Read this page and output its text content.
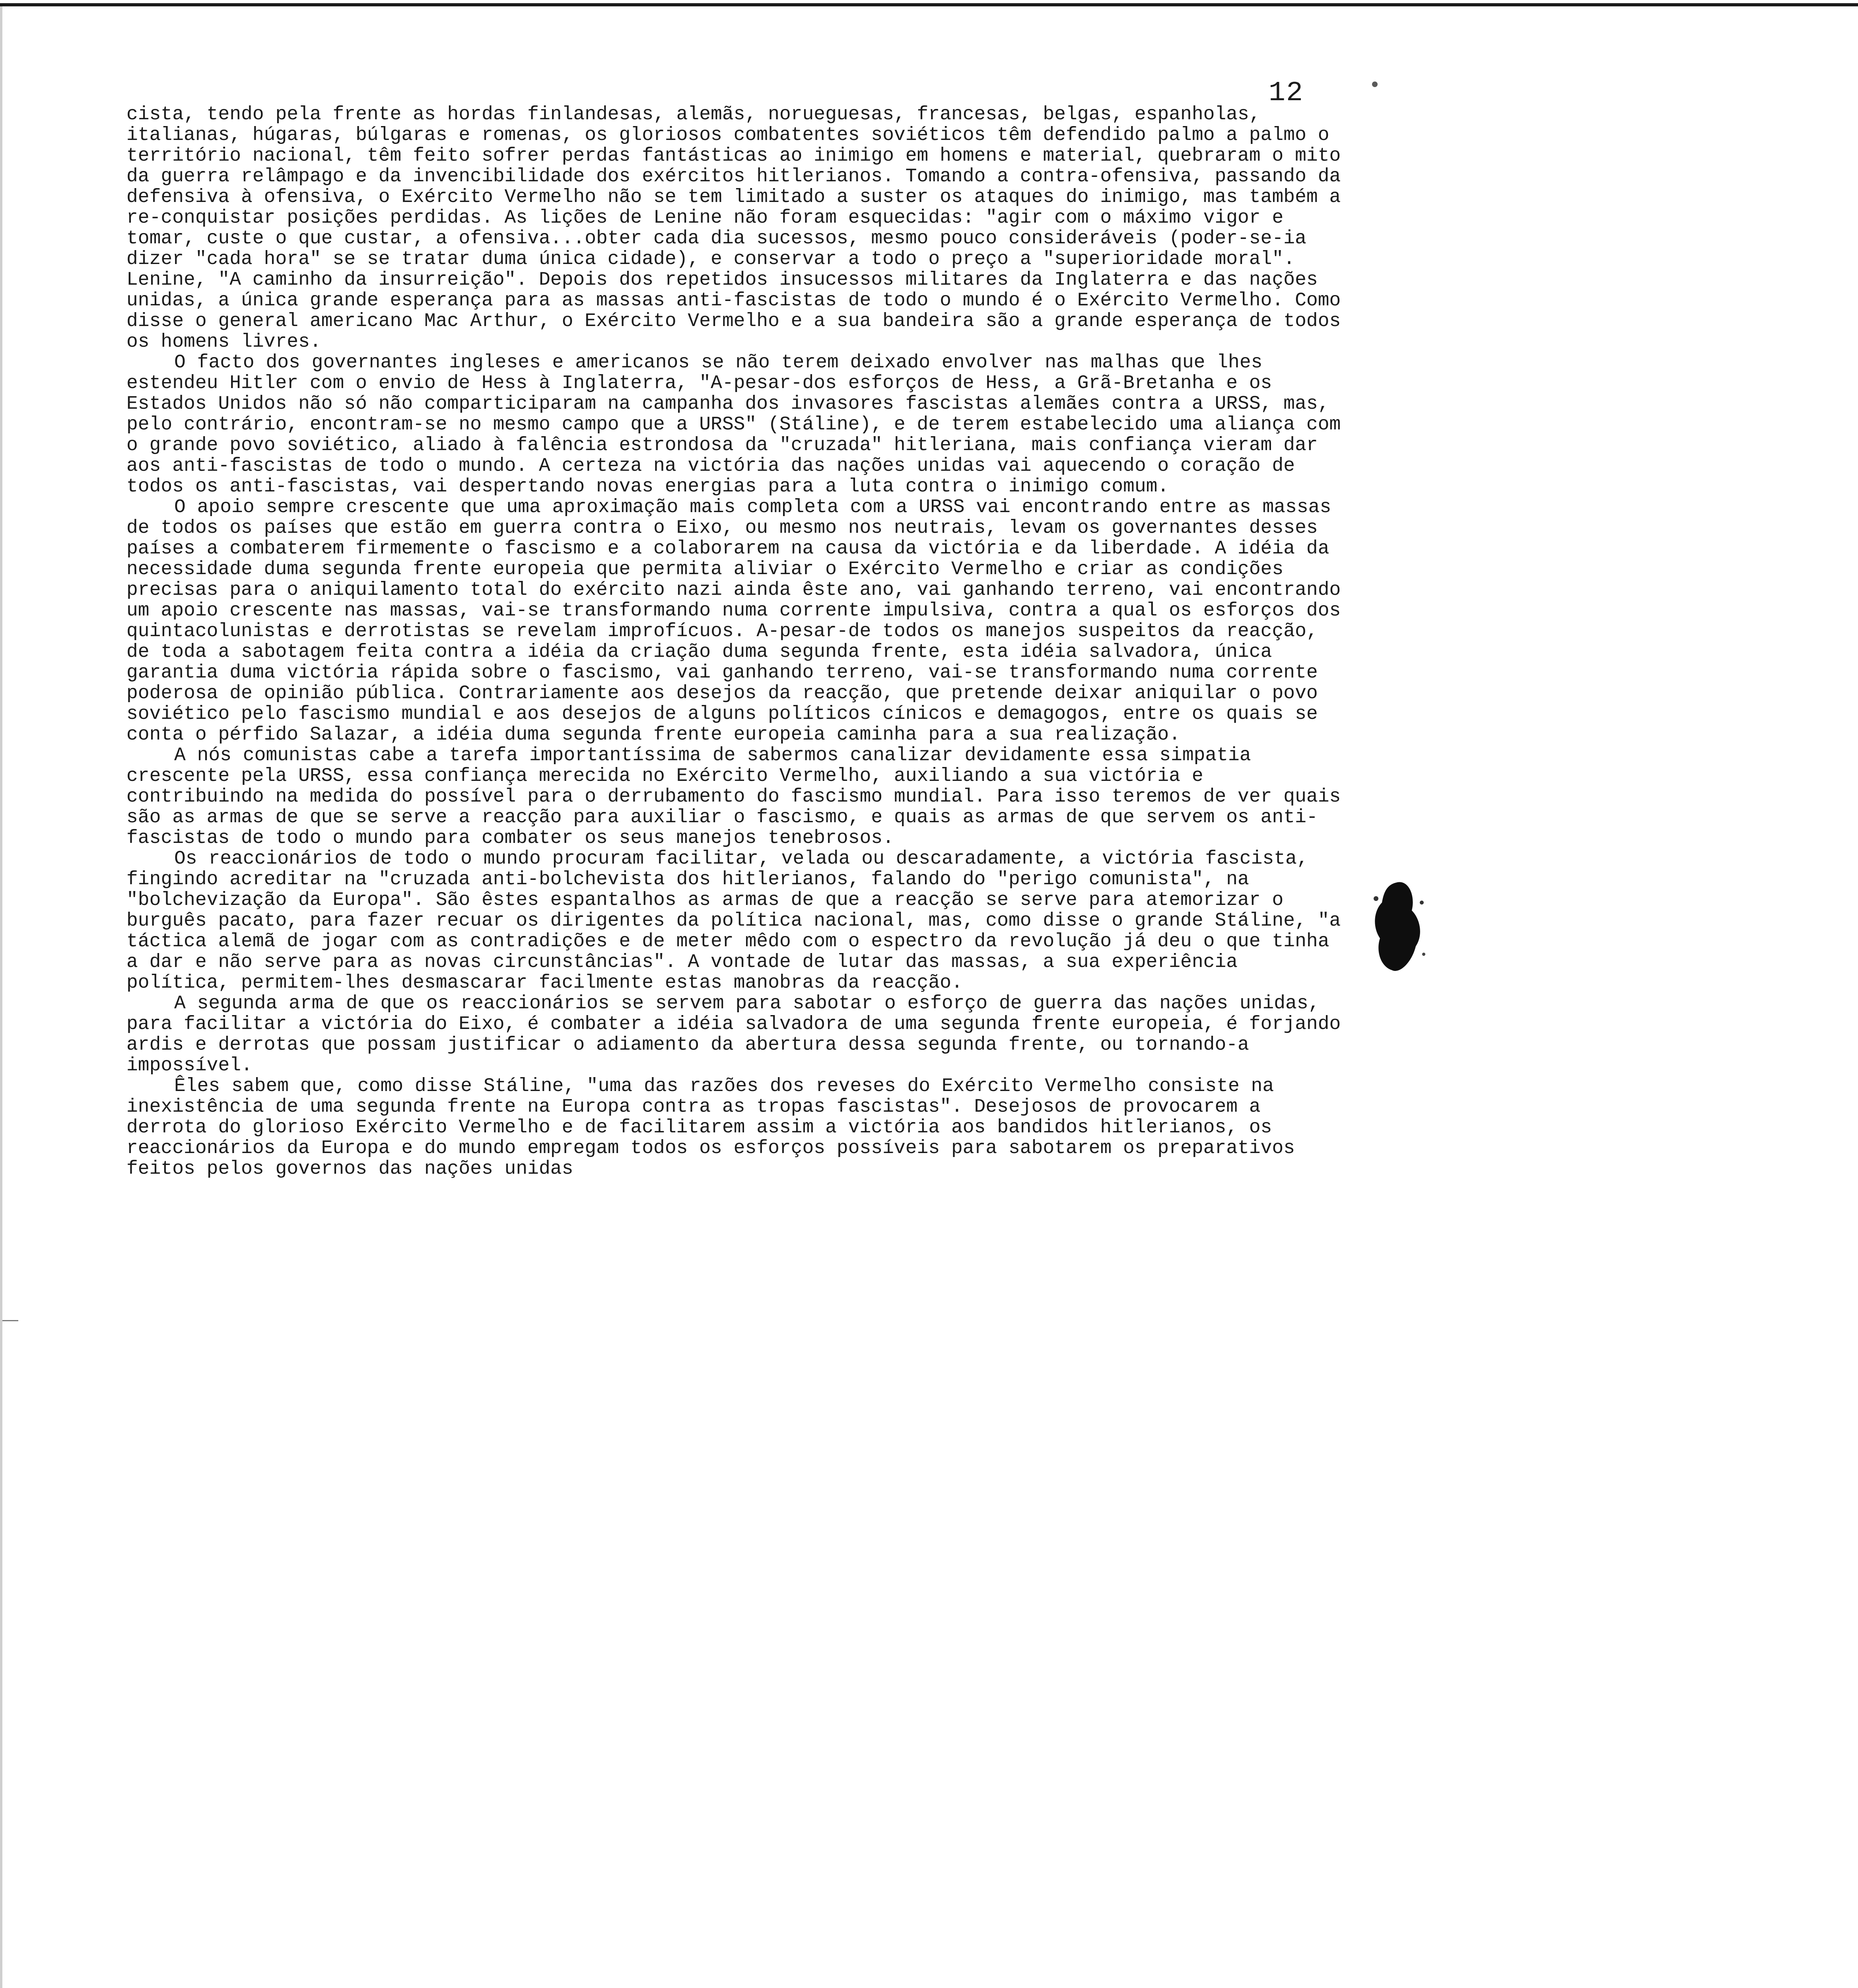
12

cista, tendo pela frente as hordas finlandesas, alemãs, norueguesas, francesas, belgas, espanholas, italianas, húgaras, búlgaras e romenas, os gloriosos combatentes soviéticos têm defendido palmo a palmo o território nacional, têm feito sofrer perdas fantásticas ao inimigo em homens e material, quebraram o mito da guerra relâmpago e da invencibilidade dos exércitos hitlerianos. Tomando a contra-ofensiva, passando da defensiva à ofensiva, o Exército Vermelho não se tem limitado a suster os ataques do inimigo, mas também a re-conquistar posições perdidas. As lições de Lenine não foram esquecidas: "agir com o máximo vigor e tomar, custe o que custar, a ofensiva...obter cada dia sucessos, mesmo pouco consideráveis (poder-se-ia dizer "cada hora" se se tratar duma única cidade), e conservar a todo o preço a "superioridade moral". Lenine, "A caminho da insurreição". Depois dos repetidos insucessos militares da Inglaterra e das nações unidas, a única grande esperança para as massas anti-fascistas de todo o mundo é o Exército Vermelho. Como disse o general americano Mac Arthur, o Exército Vermelho e a sua bandeira são a grande esperança de todos os homens livres.

O facto dos governantes ingleses e americanos se não terem deixado envolver nas malhas que lhes estendeu Hitler com o envio de Hess à Inglaterra, "A-pesar-dos esforços de Hess, a Grã-Bretanha e os Estados Unidos não só não comparticiparam na campanha dos invasores fascistas alemães contra a URSS, mas, pelo contrário, encontram-se no mesmo campo que a URSS" (Stáline), e de terem estabelecido uma aliança com o grande povo soviético, aliado à falência estrondosa da "cruzada" hitleriana, mais confiança vieram dar aos anti-fascistas de todo o mundo. A certeza na victória das nações unidas vai aquecendo o coração de todos os anti-fascistas, vai despertando novas energias para a luta contra o inimigo comum.

O apoio sempre crescente que uma aproximação mais completa com a URSS vai encontrando entre as massas de todos os países que estão em guerra contra o Eixo, ou mesmo nos neutrais, levam os governantes desses países a combaterem firmemente o fascismo e a colaborarem na causa da victória e da liberdade. A idéia da necessidade duma segunda frente europeia que permita aliviar o Exército Vermelho e criar as condições precisas para o aniquilamento total do exército nazi ainda êste ano, vai ganhando terreno, vai encontrando um apoio crescente nas massas, vai-se transformando numa corrente impulsiva, contra a qual os esforços dos quintacolunistas e derrotistas se revelam improfícuos. A-pesar-de todos os manejos suspeitos da reacção, de toda a sabotagem feita contra a idéia da criação duma segunda frente, esta idéia salvadora, única garantia duma victória rápida sobre o fascismo, vai ganhando terreno, vai-se transformando numa corrente poderosa de opinião pública. Contrariamente aos desejos da reacção, que pretende deixar aniquilar o povo soviético pelo fascismo mundial e aos desejos de alguns políticos cínicos e demagogos, entre os quais se conta o pérfido Salazar, a idéia duma segunda frente europeia caminha para a sua realização.

A nós comunistas cabe a tarefa importantíssima de sabermos canalizar devidamente essa simpatia crescente pela URSS, essa confiança merecida no Exército Vermelho, auxiliando a sua victória e contribuindo na medida do possível para o derrubamento do fascismo mundial. Para isso teremos de ver quais são as armas de que se serve a reacção para auxiliar o fascismo, e quais as armas de que servem os anti-fascistas de todo o mundo para combater os seus manejos tenebrosos.

Os reaccionários de todo o mundo procuram facilitar, velada ou descaradamente, a victória fascista, fingindo acreditar na "cruzada anti-bolchevista dos hitlerianos, falando do "perigo comunista", na "bolchevização da Europa". São êstes espantalhos as armas de que a reacção se serve para atemorizar o burguês pacato, para fazer recuar os dirigentes da política nacional, mas, como disse o grande Stáline, "a táctica alemã de jogar com as contradições e de meter mêdo com o espectro da revolução já deu o que tinha a dar e não serve para as novas circunstâncias". A vontade de lutar das massas, a sua experiência política, permitem-lhes desmascarar facilmente estas manobras da reacção.

A segunda arma de que os reaccionários se servem para sabotar o esforço de guerra das nações unidas, para facilitar a victória do Eixo, é combater a idéia salvadora de uma segunda frente europeia, é forjando ardis e derrotas que possam justificar o adiamento da abertura dessa segunda frente, ou tornando-a impossível.

Êles sabem que, como disse Stáline, "uma das razões dos reveses do Exército Vermelho consiste na inexistência de uma segunda frente na Europa contra as tropas fascistas". Desejosos de provocarem a derrota do glorioso Exército Vermelho e de facilitarem assim a victória aos bandidos hitlerianos, os reaccionários da Europa e do mundo empregam todos os esforços possíveis para sabotarem os preparativos feitos pelos governos das nações unidas
